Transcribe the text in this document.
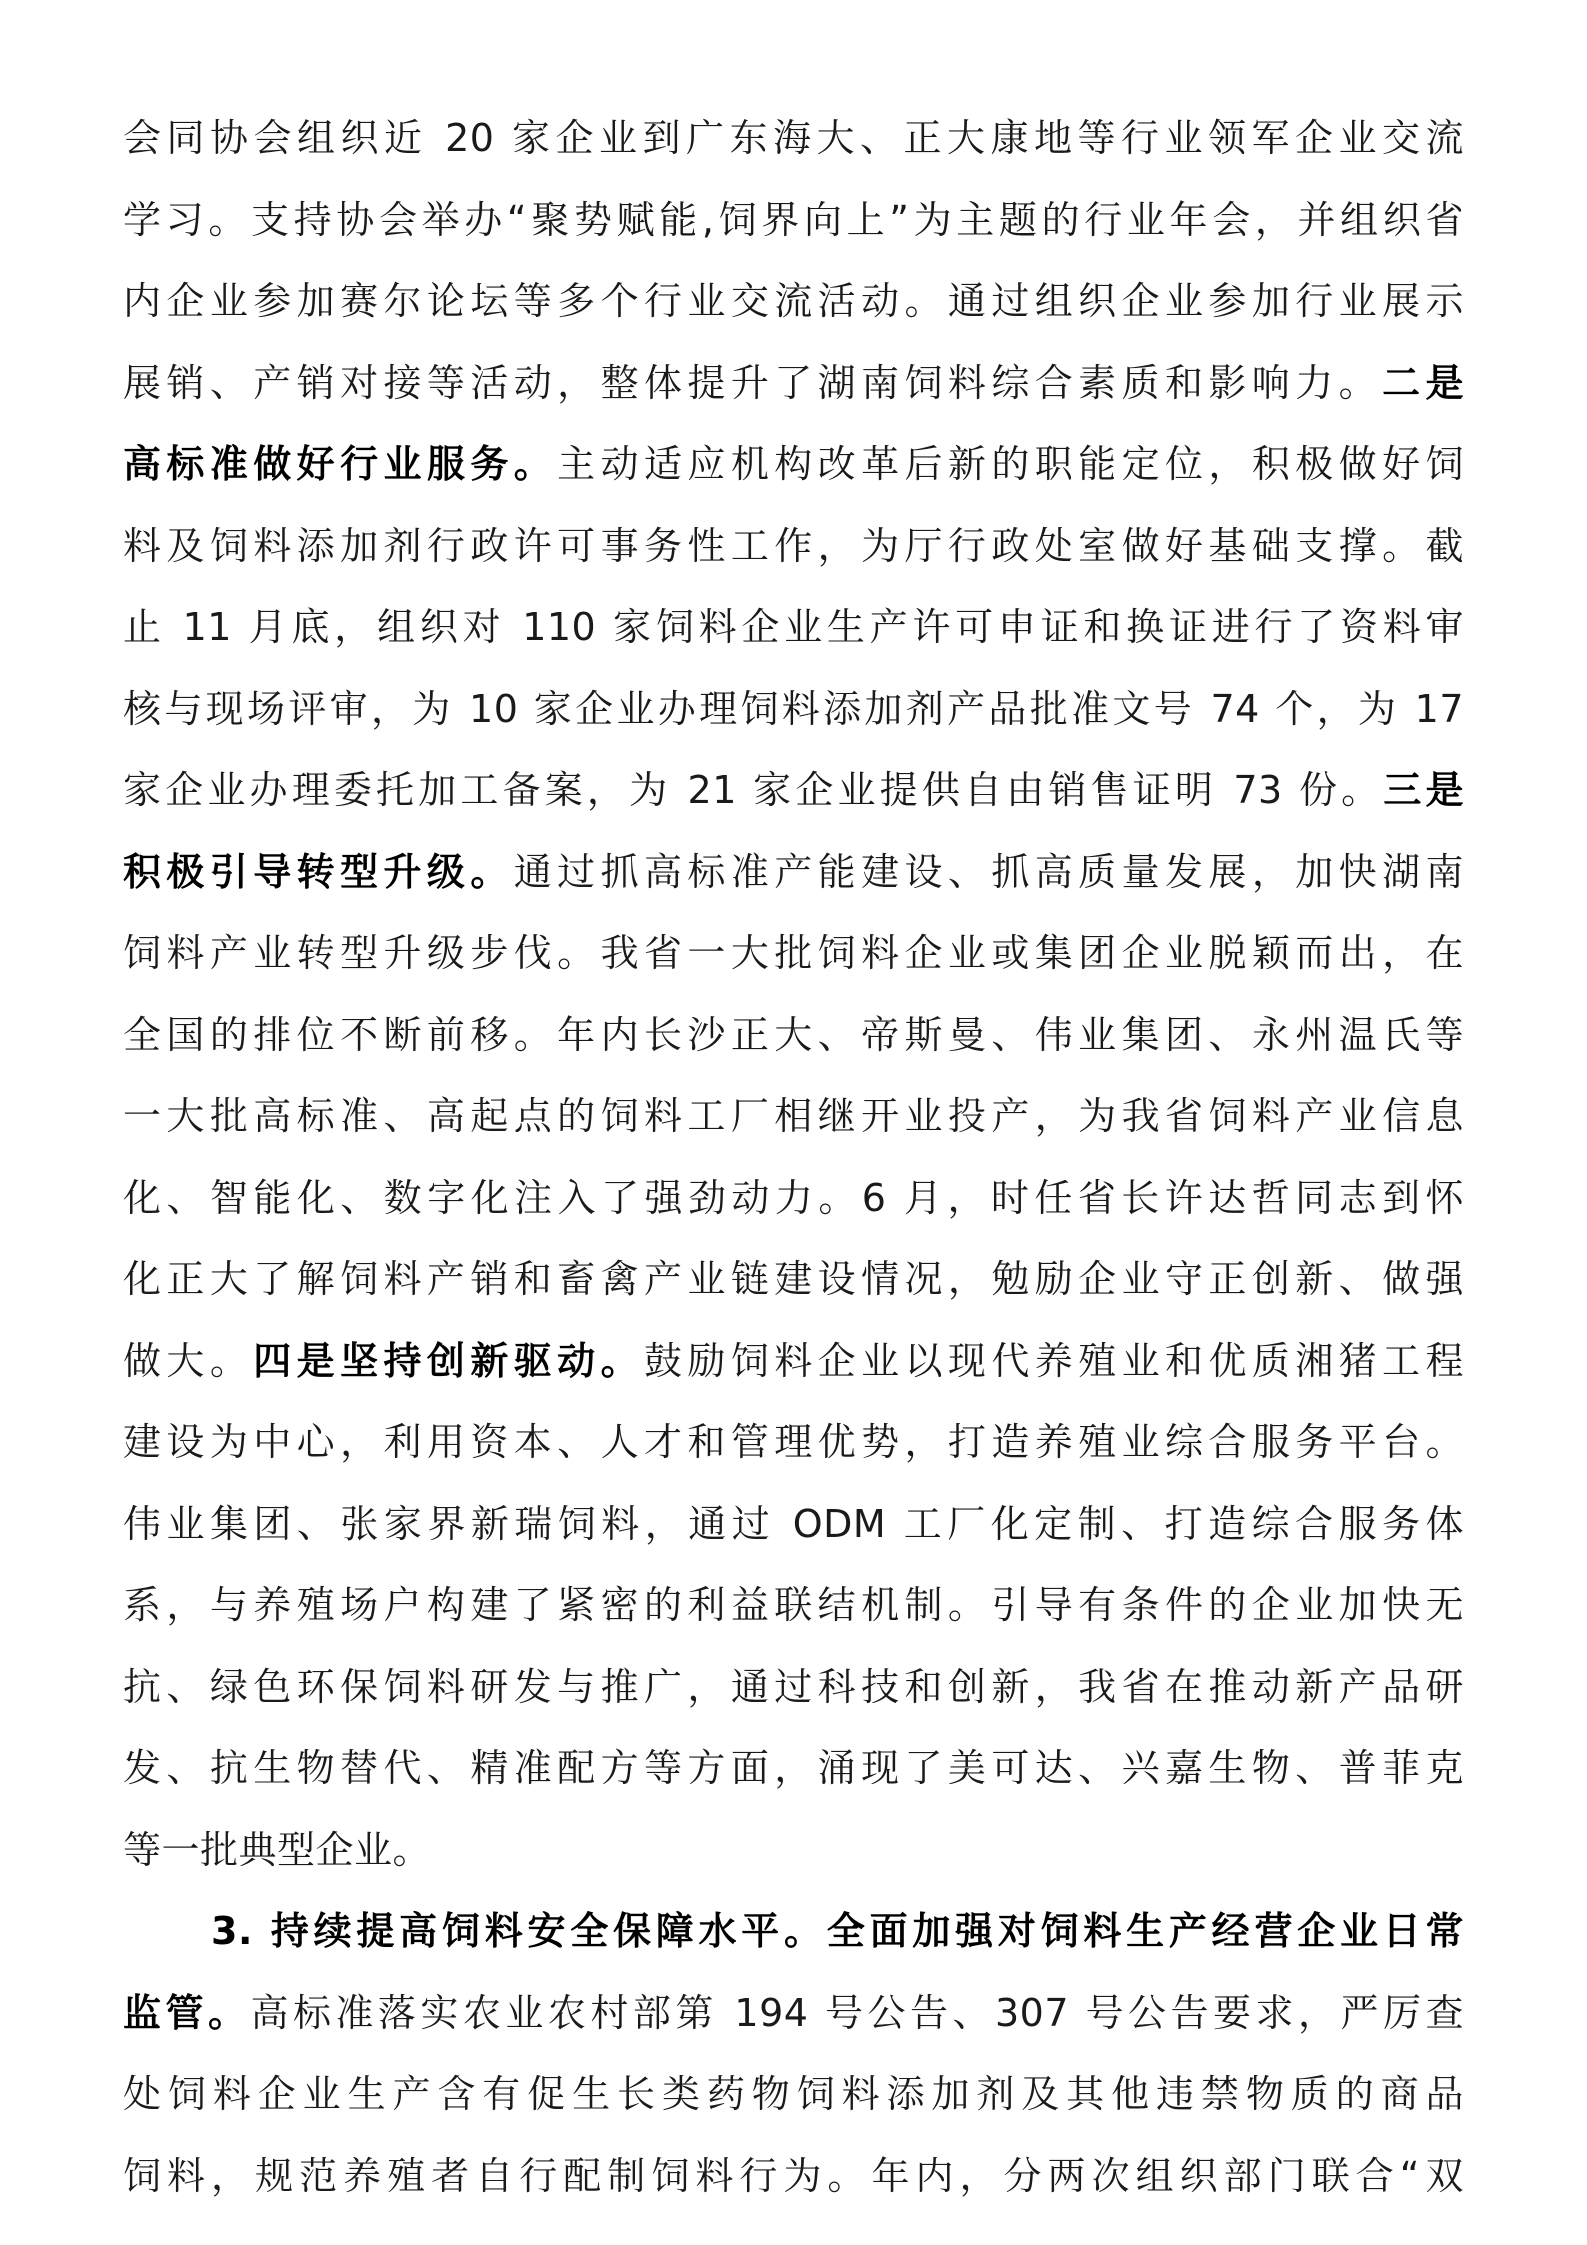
会同协会组织近 20 家企业到广东海大、正大康地等行业领军企业交流
学习。支持协会举办“聚势赋能,饲界向上”为主题的行业年会，并组织省
内企业参加赛尔论坛等多个行业交流活动。通过组织企业参加行业展示
展销、产销对接等活动，整体提升了湖南饲料综合素质和影响力。二是
高标准做好行业服务。主动适应机构改革后新的职能定位，积极做好饲
料及饲料添加剂行政许可事务性工作，为厅行政处室做好基础支撑。截
止 11 月底，组织对 110 家饲料企业生产许可申证和换证进行了资料审
核与现场评审，为 10 家企业办理饲料添加剂产品批准文号 74 个，为 17
家企业办理委托加工备案，为 21 家企业提供自由销售证明 73 份。三是
积极引导转型升级。通过抓高标准产能建设、抓高质量发展，加快湖南
饲料产业转型升级步伐。我省一大批饲料企业或集团企业脱颖而出，在
全国的排位不断前移。年内长沙正大、帝斯曼、伟业集团、永州温氏等
一大批高标准、高起点的饲料工厂相继开业投产，为我省饲料产业信息
化、智能化、数字化注入了强劲动力。6 月，时任省长许达哲同志到怀
化正大了解饲料产销和畜禽产业链建设情况，勉励企业守正创新、做强
做大。四是坚持创新驱动。鼓励饲料企业以现代养殖业和优质湘猪工程
建设为中心，利用资本、人才和管理优势，打造养殖业综合服务平台。
伟业集团、张家界新瑞饲料，通过 ODM 工厂化定制、打造综合服务体
系，与养殖场户构建了紧密的利益联结机制。引导有条件的企业加快无
抗、绿色环保饲料研发与推广，通过科技和创新，我省在推动新产品研
发、抗生物替代、精准配方等方面，涌现了美可达、兴嘉生物、普菲克
等一批典型企业。
3. 持续提高饲料安全保障水平。全面加强对饲料生产经营企业日常
监管。高标准落实农业农村部第 194 号公告、307 号公告要求，严厉查
处饲料企业生产含有促生长类药物饲料添加剂及其他违禁物质的商品
饲料，规范养殖者自行配制饲料行为。年内，分两次组织部门联合“双
